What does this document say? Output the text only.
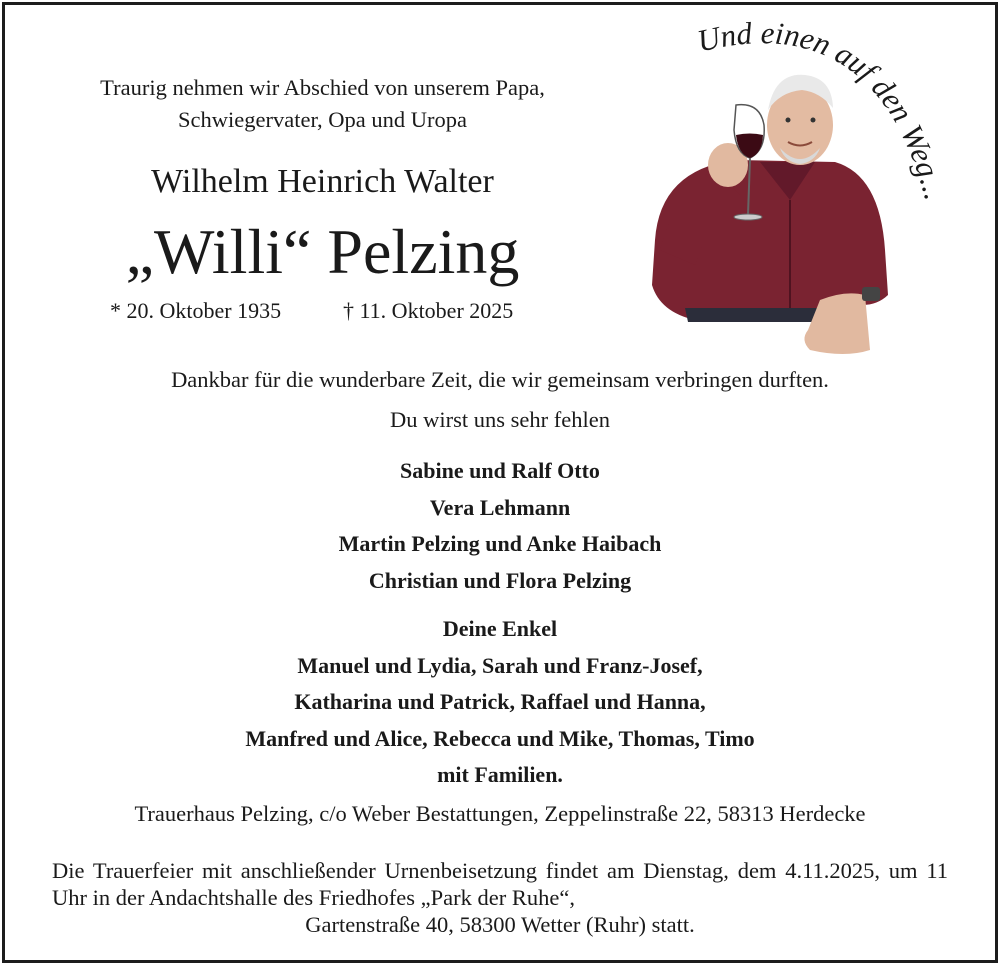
Traurig nehmen wir Abschied von unserem Papa,
Schwiegervater, Opa und Uropa
Wilhelm Heinrich Walter
„Willi“ Pelzing
* 20. Oktober 1935	† 11. Oktober 2025
Und einen auf den Weg...
Dankbar für die wunderbare Zeit, die wir gemeinsam verbringen durften.
Du wirst uns sehr fehlen
Sabine und Ralf Otto
Vera Lehmann
Martin Pelzing und Anke Haibach
Christian und Flora Pelzing
Deine Enkel
Manuel und Lydia, Sarah und Franz-Josef,
Katharina und Patrick, Raffael und Hanna,
Manfred und Alice, Rebecca und Mike, Thomas, Timo
mit Familien.
Trauerhaus Pelzing, c/o Weber Bestattungen, Zeppelinstraße 22, 58313 Herdecke
Die Trauerfeier mit anschließender Urnenbeisetzung findet am Dienstag, dem 4.11.2025, um 11 Uhr in der Andachtshalle des Friedhofes „Park der Ruhe“,
Gartenstraße 40, 58300 Wetter (Ruhr) statt.
